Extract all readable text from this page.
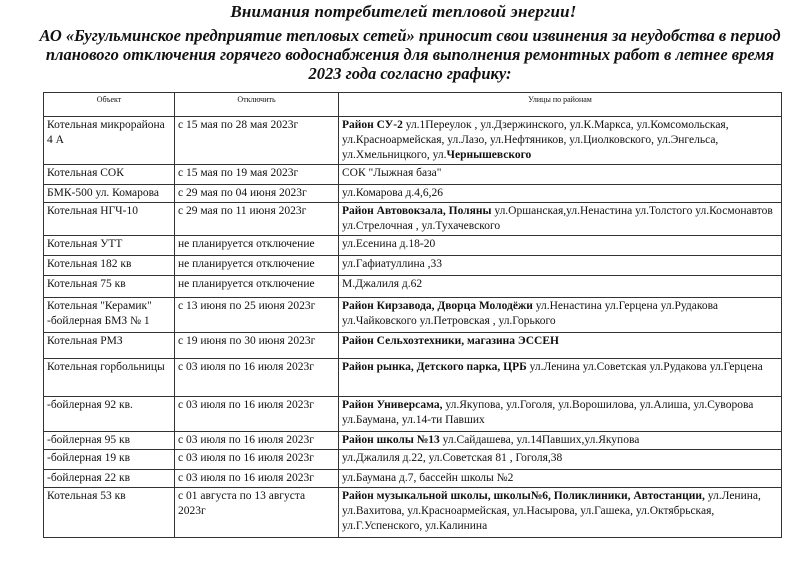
Внимания потребителей тепловой энергии!
АО «Бугульминское предприятие тепловых сетей» приносит свои извинения за неудобства в период планового отключения горячего водоснабжения для выполнения ремонтных работ в летнее время 2023 года согласно графику:
Объект	Отключить	Улицы по районам
Котельная микрорайона 4 А	с 15 мая по 28 мая 2023г	Район СУ-2 ул.1Переулок , ул.Дзержинского, ул.К.Маркса, ул.Комсомольская, ул.Красноармейская, ул.Лазо, ул.Нефтяников, ул.Циолковского, ул.Энгельса, ул.Хмельницкого, ул.Чернышевского
Котельная СОК	с 15 мая по 19 мая 2023г	СОК "Лыжная база"
БМК-500 ул. Комарова	с 29 мая по 04 июня 2023г	ул.Комарова д.4,6,26
Котельная НГЧ-10	с 29 мая по 11 июня 2023г	Район Автовокзала, Поляны ул.Оршанская,ул.Ненастина ул.Толстого ул.Космонавтов ул.Стрелочная , ул.Тухачевского
Котельная УТТ	не планируется отключение	ул.Есенина д.18-20
Котельная 182 кв	не планируется отключение	ул.Гафиатуллина ,33
Котельная 75 кв	не планируется отключение	М.Джалиля д.62
Котельная "Керамик"
-бойлерная БМЗ № 1	с 13 июня по 25 июня 2023г	Район Кирзавода, Дворца Молодёжи ул.Ненастина ул.Герцена ул.Рудакова ул.Чайковского ул.Петровская , ул.Горького
Котельная РМЗ	с 19 июня по 30 июня 2023г	Район Сельхозтехники, магазина ЭССЕН
Котельная горбольницы	с 03 июля по 16 июля 2023г	Район рынка, Детского парка, ЦРБ ул.Ленина ул.Советская ул.Рудакова ул.Герцена
-бойлерная 92 кв.	с 03 июля по 16 июля 2023г	Район Универсама, ул.Якупова, ул.Гоголя, ул.Ворошилова, ул.Алиша, ул.Суворова ул.Баумана, ул.14-ти Павших
-бойлерная 95 кв	с 03 июля по 16 июля 2023г	Район школы №13 ул.Сайдашева, ул.14Павших,ул.Якупова
-бойлерная 19 кв	с 03 июля по 16 июля 2023г	ул.Джалиля д.22, ул.Советская 81 , Гоголя,38
-бойлерная 22 кв	с 03 июля по 16 июля 2023г	ул.Баумана д.7, бассейн школы №2
Котельная 53 кв	с 01 августа по 13 августа 2023г	Район музыкальной школы, школы№6, Поликлиники, Автостанции, ул.Ленина, ул.Вахитова, ул.Красноармейская, ул.Насырова, ул.Гашека, ул.Октябрьская, ул.Г.Успенского, ул.Калинина
